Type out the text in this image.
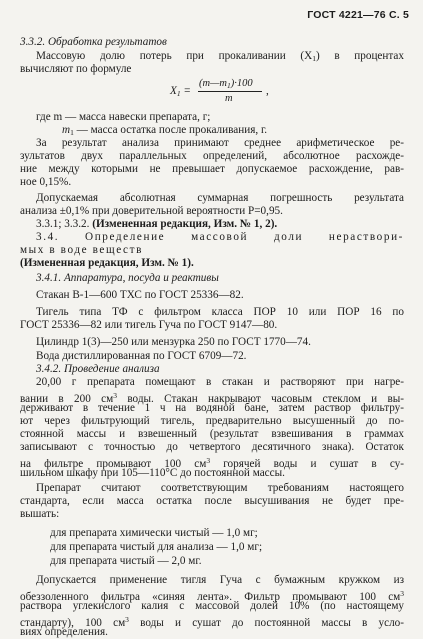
ГОСТ 4221—76 С. 5
3.3.2. Обработка результатов
Массовую долю потерь при прокаливании $(X_1)$ в процентах
вычисляют по формуле
$X_1$ =
$(m—m_1)\cdot 100$
m
,
где m — масса навески препарата, г;
$m_1$ — масса остатка после прокаливания, г.
За результат анализа принимают среднее арифметическое ре-
зультатов двух параллельных определений, абсолютное расхожде-
ние между которыми не превышает допускаемое расхождение, рав-
ное 0,15%.
Допускаемая абсолютная суммарная погрешность результата
анализа ±0,1% при доверительной вероятности P=0,95.
3.3.1; 3.3.2. (Измененная редакция, Изм. № 1, 2).
3.4. Определение массовой доли нераствори-
мых в воде веществ
(Измененная редакция, Изм. № 1).
3.4.1. Аппаратура, посуда и реактивы
Стакан В-1—600 ТХС по ГОСТ 25336—82.
Тигель типа ТФ с фильтром класса ПОР 10 или ПОР 16 по
ГОСТ 25336—82 или тигель Гуча по ГОСТ 9147—80.
Цилиндр 1(3)—250 или мензурка 250 по ГОСТ 1770—74.
Вода дистиллированная по ГОСТ 6709—72.
3.4.2. Проведение анализа
20,00 г препарата помещают в стакан и растворяют при нагре-
вании в 200 $см^3$ воды. Стакан накрывают часовым стеклом и вы-
держивают в течение 1 ч на водяной бане, затем раствор фильтру-
ют через фильтрующий тигель, предварительно высушенный до по-
стоянной массы и взвешенный (результат взвешивания в граммах
записывают с точностью до четвертого десятичного знака). Остаток
на фильтре промывают 100 $см^3$ горячей воды и сушат в су-
шильном шкафу при 105—110°С до постоянной массы.
Препарат считают соответствующим требованиям настоящего
стандарта, если масса остатка после высушивания не будет пре-
вышать:
для препарата химически чистый — 1,0 мг;
для препарата чистый для анализа — 1,0 мг;
для препарата чистый — 2,0 мг.
Допускается применение тигля Гуча с бумажным кружком из
обеззоленного фильтра «синяя лента». Фильтр промывают 100 $см^3$
раствора углекислого калия с массовой долей 10% (по настоящему
стандарту), 100 $см^3$ воды и сушат до постоянной массы в усло-
виях определения.
